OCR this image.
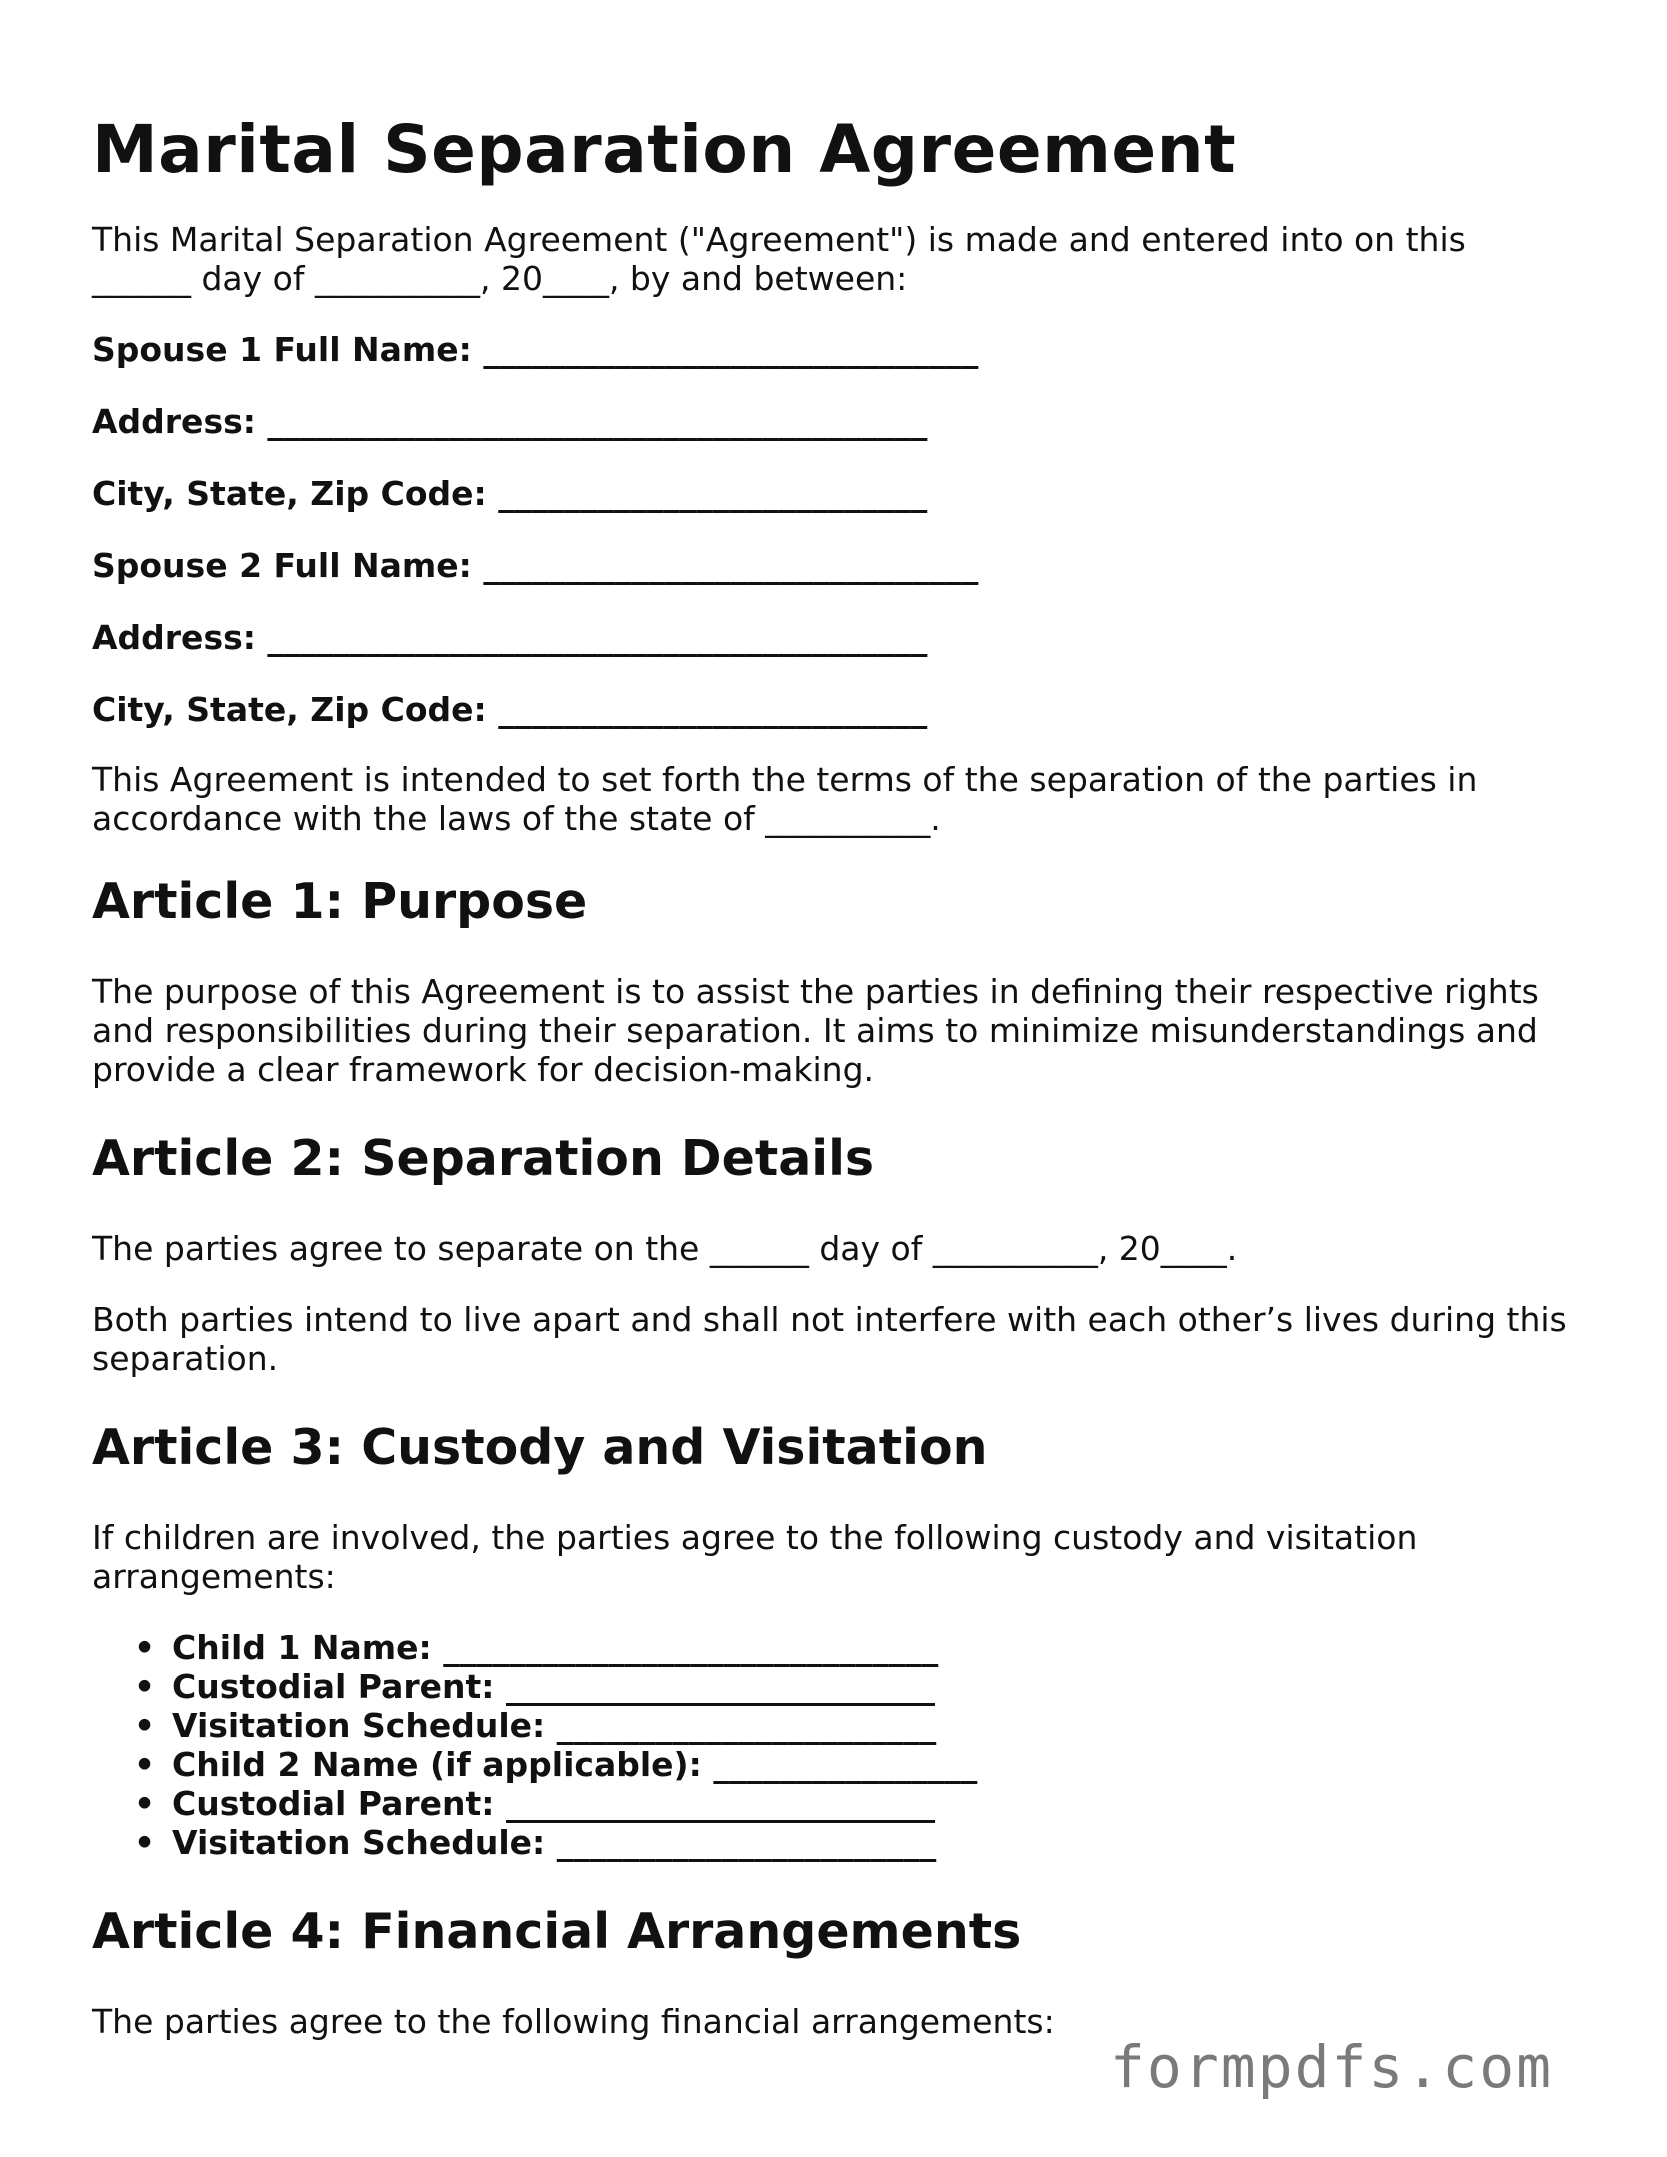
Marital Separation Agreement

This Marital Separation Agreement ("Agreement") is made and entered into on this ______ day of __________, 20____, by and between:

Spouse 1 Full Name: ______________________________
Address: ________________________________________
City, State, Zip Code: __________________________
Spouse 2 Full Name: ______________________________
Address: ________________________________________
City, State, Zip Code: __________________________

This Agreement is intended to set forth the terms of the separation of the parties in accordance with the laws of the state of __________.

Article 1: Purpose

The purpose of this Agreement is to assist the parties in defining their respective rights and responsibilities during their separation. It aims to minimize misunderstandings and provide a clear framework for decision-making.

Article 2: Separation Details

The parties agree to separate on the ______ day of __________, 20____.

Both parties intend to live apart and shall not interfere with each other’s lives during this separation.

Article 3: Custody and Visitation

If children are involved, the parties agree to the following custody and visitation arrangements:

• Child 1 Name: ______________________________
• Custodial Parent: __________________________
• Visitation Schedule: _______________________
• Child 2 Name (if applicable): ________________
• Custodial Parent: __________________________
• Visitation Schedule: _______________________
Article 4: Financial Arrangements

The parties agree to the following financial arrangements:

formpdfs.com
